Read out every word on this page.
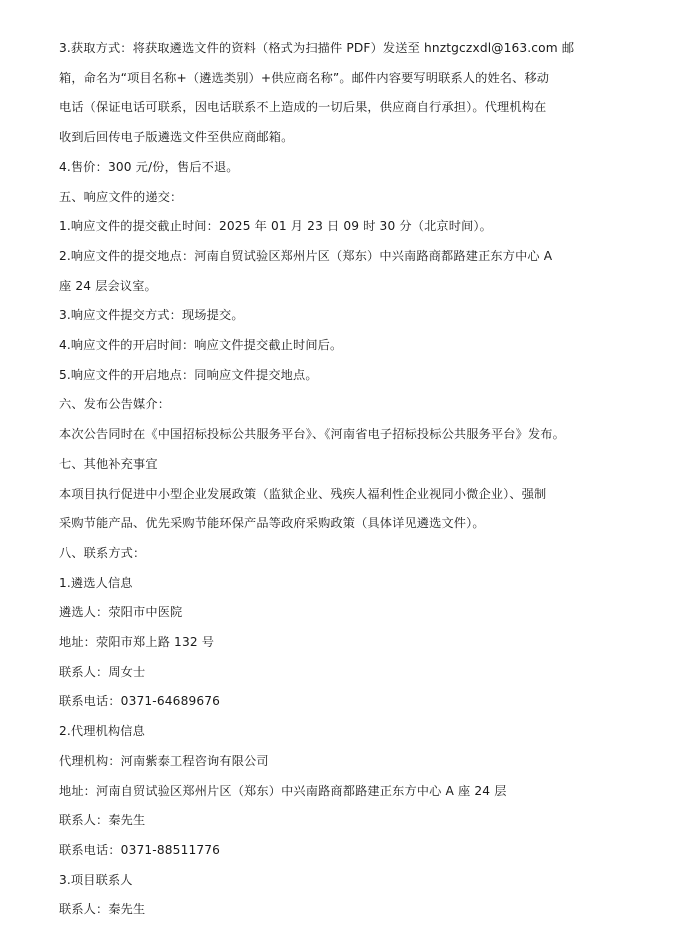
3.获取方式：将获取遴选文件的资料（格式为扫描件 PDF）发送至 hnztgczxdl@163.com 邮
箱，命名为“项目名称+（遴选类别）+供应商名称”。邮件内容要写明联系人的姓名、移动
电话（保证电话可联系，因电话联系不上造成的一切后果，供应商自行承担）。代理机构在
收到后回传电子版遴选文件至供应商邮箱。
4.售价：300 元/份，售后不退。
五、响应文件的递交：
1.响应文件的提交截止时间：2025 年 01 月 23 日 09 时 30 分（北京时间）。
2.响应文件的提交地点：河南自贸试验区郑州片区（郑东）中兴南路商都路建正东方中心 A
座 24 层会议室。
3.响应文件提交方式：现场提交。
4.响应文件的开启时间：响应文件提交截止时间后。
5.响应文件的开启地点：同响应文件提交地点。
六、发布公告媒介：
本次公告同时在《中国招标投标公共服务平台》、《河南省电子招标投标公共服务平台》发布。
七、其他补充事宜
本项目执行促进中小型企业发展政策（监狱企业、残疾人福利性企业视同小微企业）、强制
采购节能产品、优先采购节能环保产品等政府采购政策（具体详见遴选文件）。
八、联系方式：
1.遴选人信息
遴选人：荥阳市中医院
地址：荥阳市郑上路 132 号
联系人：周女士
联系电话：0371-64689676
2.代理机构信息
代理机构：河南紫泰工程咨询有限公司
地址：河南自贸试验区郑州片区（郑东）中兴南路商都路建正东方中心 A 座 24 层
联系人：秦先生
联系电话：0371-88511776
3.项目联系人
联系人：秦先生
